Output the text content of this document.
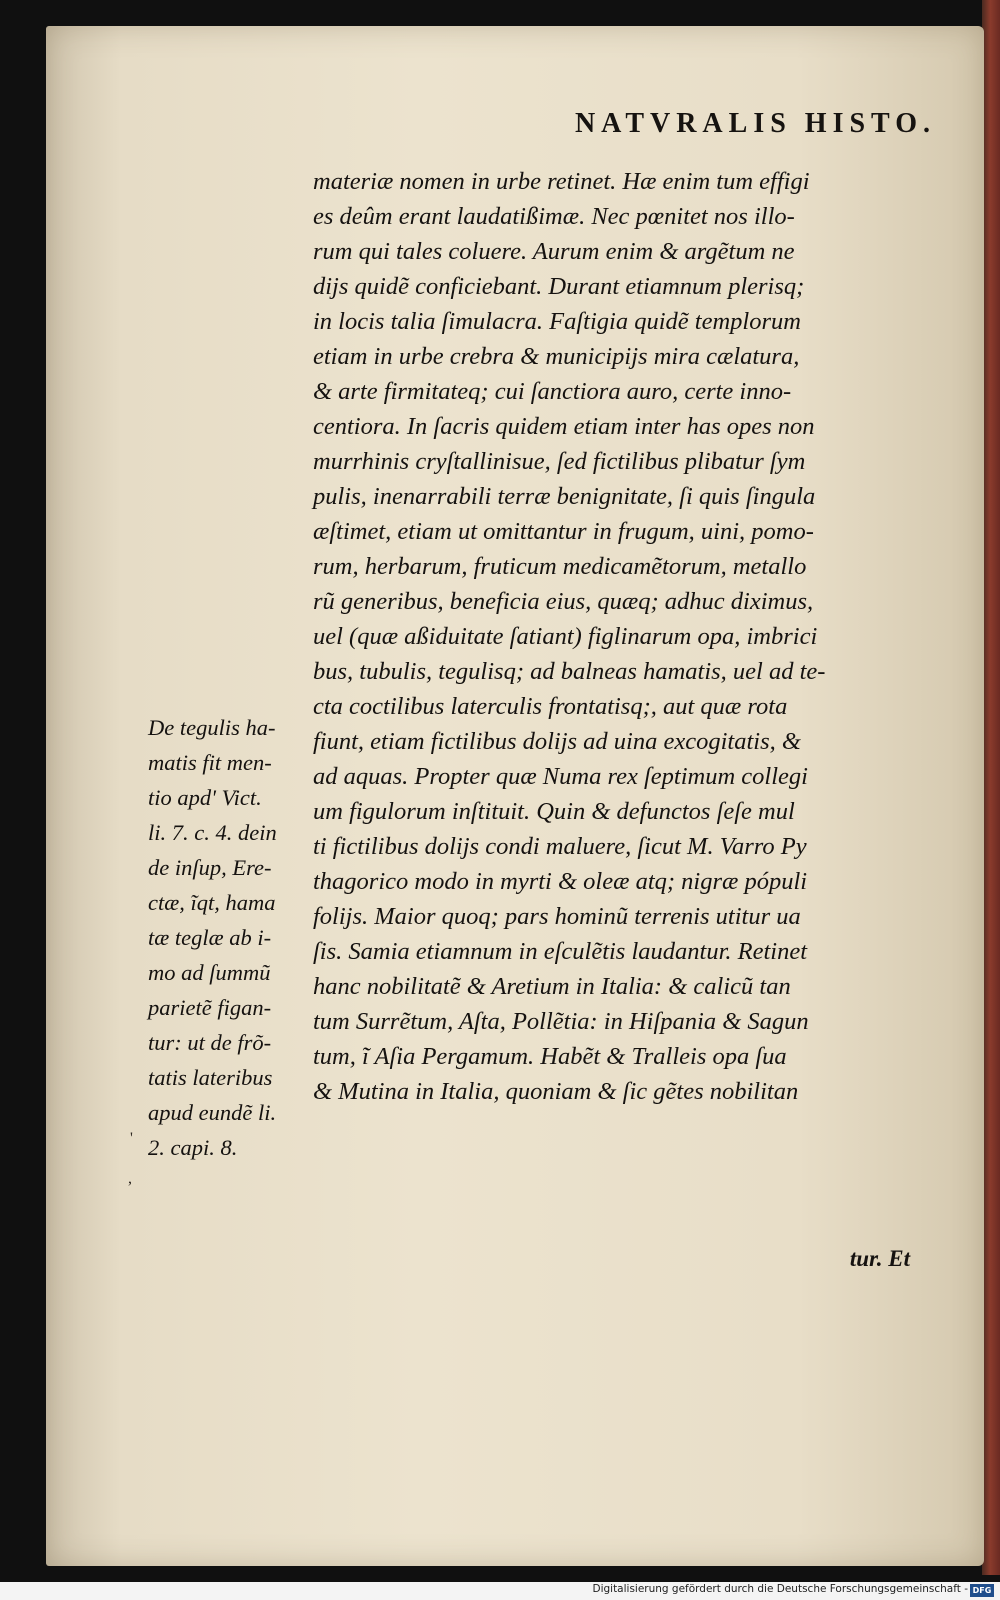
NATVRALIS HISTO.
materiæ nomen in urbe retinet. Hæ enim tum effigi
es deûm erant laudatißimæ. Nec pœnitet nos illo-
rum qui tales coluere. Aurum enim & argẽtum ne
dijs quidẽ conficiebant. Durant etiamnum plerisq;
in locis talia ſimulacra. Faſtigia quidẽ templorum
etiam in urbe crebra & municipijs mira cælatura,
& arte firmitateq; cui ſanctiora auro, certe inno-
centiora. In ſacris quidem etiam inter has opes non
murrhinis cryſtallinisue, ſed fictilibus plibatur ſym
pulis, inenarrabili terræ benignitate, ſi quis ſingula
æſtimet, etiam ut omittantur in frugum, uini, pomo-
rum, herbarum, fruticum medicamẽtorum, metallo
rũ generibus, beneficia eius, quæq; adhuc diximus,
uel (quæ aßiduitate ſatiant) figlinarum opa, imbrici
bus, tubulis, tegulisq; ad balneas hamatis, uel ad te-
cta coctilibus laterculis frontatisq;, aut quæ rota
fiunt, etiam fictilibus dolijs ad uina excogitatis, &
ad aquas. Propter quæ Numa rex ſeptimum collegi
um figulorum inſtituit. Quin & defunctos ſeſe mul
ti fictilibus dolijs condi maluere, ſicut M. Varro Py
thagorico modo in myrti & oleæ atq; nigræ pópuli
folijs. Maior quoq; pars hominũ terrenis utitur ua
ſis. Samia etiamnum in eſculẽtis laudantur. Retinet
hanc nobilitatẽ & Aretium in Italia: & calicũ tan
tum Surrẽtum, Aſta, Pollẽtia: in Hiſpania & Sagun
tum, ĩ Aſia Pergamum. Habẽt & Tralleis opa ſua
& Mutina in Italia, quoniam & ſic gẽtes nobilitan
De tegulis ha-
matis fit men-
tio apd' Vict.
li. 7. c. 4. dein
de inſup, Ere-
ctæ, ĩqt, hama
tæ teglæ ab i-
mo ad ſummũ
parietẽ figan-
tur: ut de frõ-
tatis lateribus
apud eundẽ li.
2. capi. 8.
'
,
tur. Et
Digitalisierung gefördert durch die Deutsche Forschungsgemeinschaft - DFG
